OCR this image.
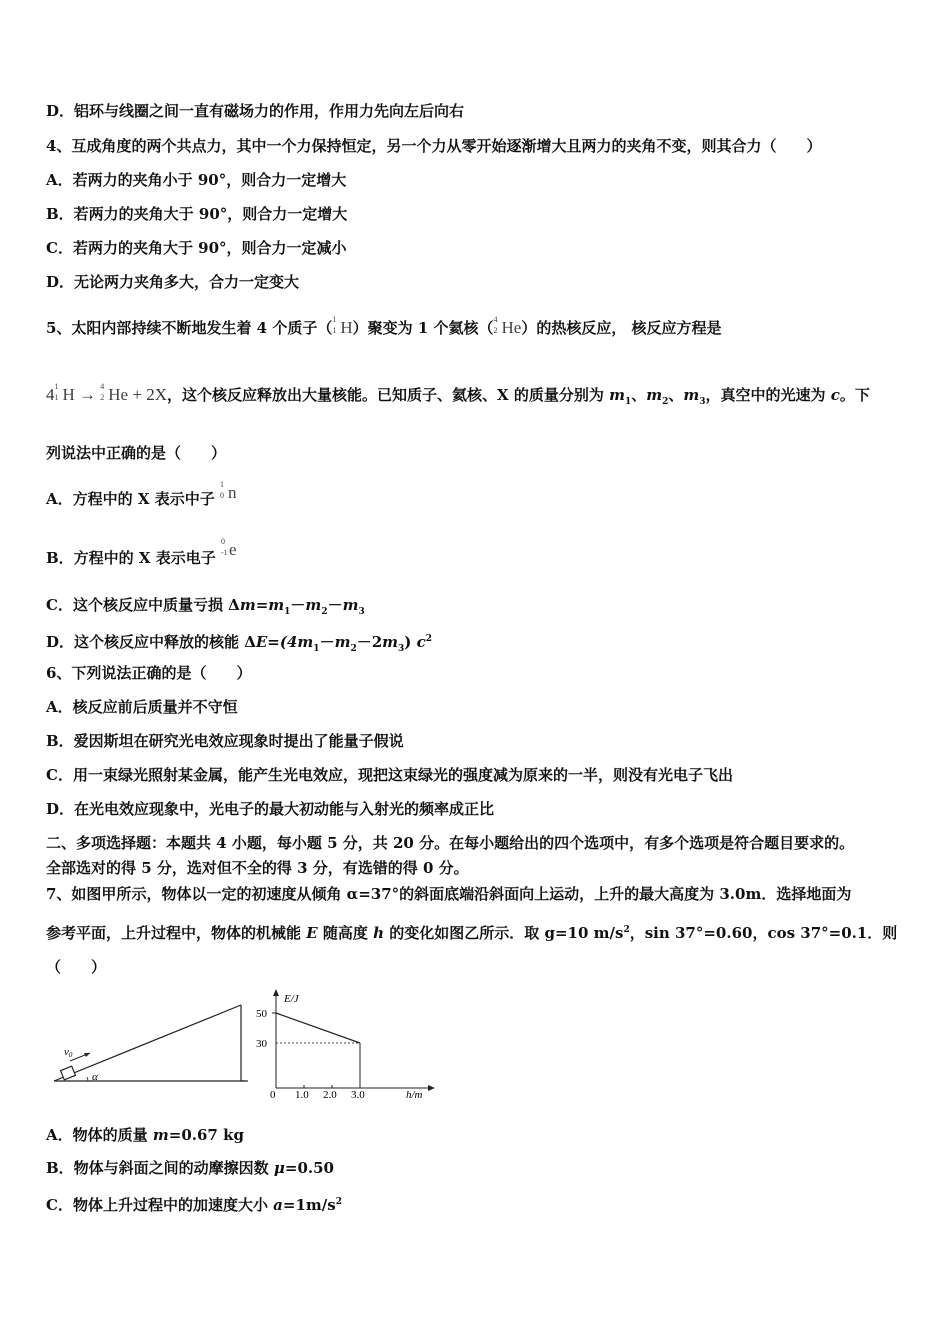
D．铝环与线圈之间一直有磁场力的作用，作用力先向左后向右
4、互成角度的两个共点力，其中一个力保持恒定，另一个力从零开始逐渐增大且两力的夹角不变，则其合力（　　）
A．若两力的夹角小于 90°，则合力一定增大
B．若两力的夹角大于 90°，则合力一定增大
C．若两力的夹角大于 90°，则合力一定减小
D．无论两力夹角多大，合力一定变大
5、太阳内部持续不断地发生着 4 个质子（ 1
1 H）聚变为 1 个氦核（ 4
2 He）的热核反应， 核反应方程是
4 1
1 H → 4
2 He + 2X，这个核反应释放出大量核能。已知质子、氦核、X 的质量分别为 $m_1$、$m_2$、$m_3$，真空中的光速为 c。下
列说法中正确的是（　　）
A．方程中的 X 表示中子
1
0 n
B．方程中的 X 表示电子
0
-1 e
C．这个核反应中质量亏损 $\Delta m=m_1-m_2-m_3$
D．这个核反应中释放的核能 $\Delta E=(4m_1-m_2-2m_3)$ $c^2$
6、下列说法正确的是（　　）
A．核反应前后质量并不守恒
B．爱因斯坦在研究光电效应现象时提出了能量子假说
C．用一束绿光照射某金属，能产生光电效应，现把这束绿光的强度减为原来的一半，则没有光电子飞出
D．在光电效应现象中，光电子的最大初动能与入射光的频率成正比
二、多项选择题：本题共 4 小题，每小题 5 分，共 20 分。在每小题给出的四个选项中，有多个选项是符合题目要求的。
全部选对的得 5 分，选对但不全的得 3 分，有选错的得 0 分。
7、如图甲所示，物体以一定的初速度从倾角 α=37°的斜面底端沿斜面向上运动，上升的最大高度为 3.0m．选择地面为
参考平面，上升过程中，物体的机械能 E 随高度 h 的变化如图乙所示．取 g=10 $m/s^2$，sin 37°=0.60，cos 37°=0.1．则
（　　）
v0
α
E/J
h/m
0
50
30
1.0 2.0 3.0
A．物体的质量 m=0.67 kg
B．物体与斜面之间的动摩擦因数 μ=0.50
C．物体上升过程中的加速度大小 $a=1m/s^2$
